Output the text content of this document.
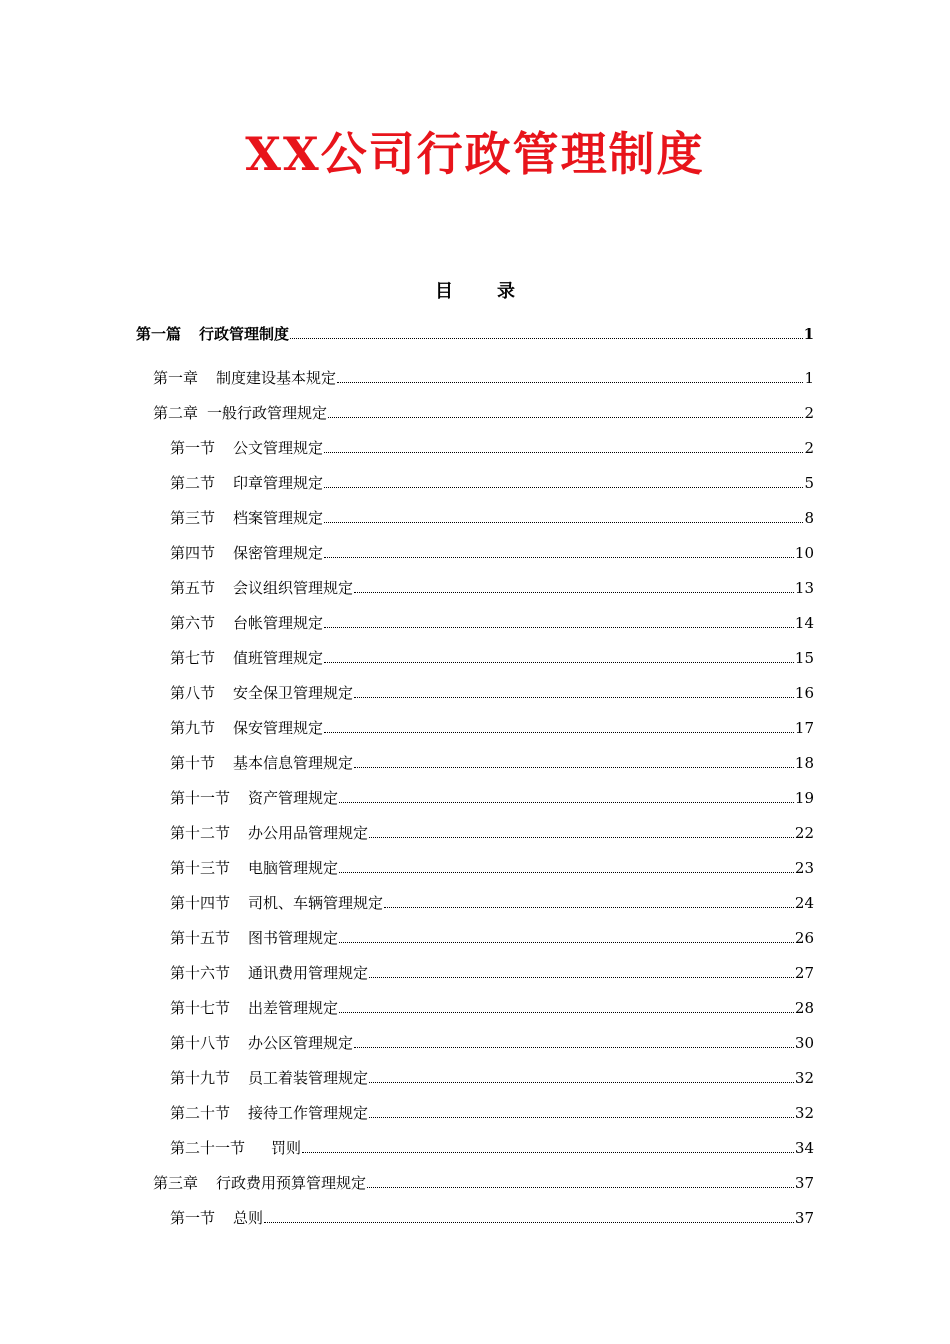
XX公司行政管理制度
目 录
第一篇 行政管理制度	1
第一章 制度建设基本规定	1
第二章 一般行政管理规定	2
第一节 公文管理规定	2
第二节 印章管理规定	5
第三节 档案管理规定	8
第四节 保密管理规定	10
第五节 会议组织管理规定	13
第六节 台帐管理规定	14
第七节 值班管理规定	15
第八节 安全保卫管理规定	16
第九节 保安管理规定	17
第十节 基本信息管理规定	18
第十一节 资产管理规定	19
第十二节 办公用品管理规定	22
第十三节 电脑管理规定	23
第十四节 司机、车辆管理规定	24
第十五节 图书管理规定	26
第十六节 通讯费用管理规定	27
第十七节 出差管理规定	28
第十八节 办公区管理规定	30
第十九节 员工着装管理规定	32
第二十节 接待工作管理规定	32
第二十一节 罚则	34
第三章 行政费用预算管理规定	37
第一节 总则	37
